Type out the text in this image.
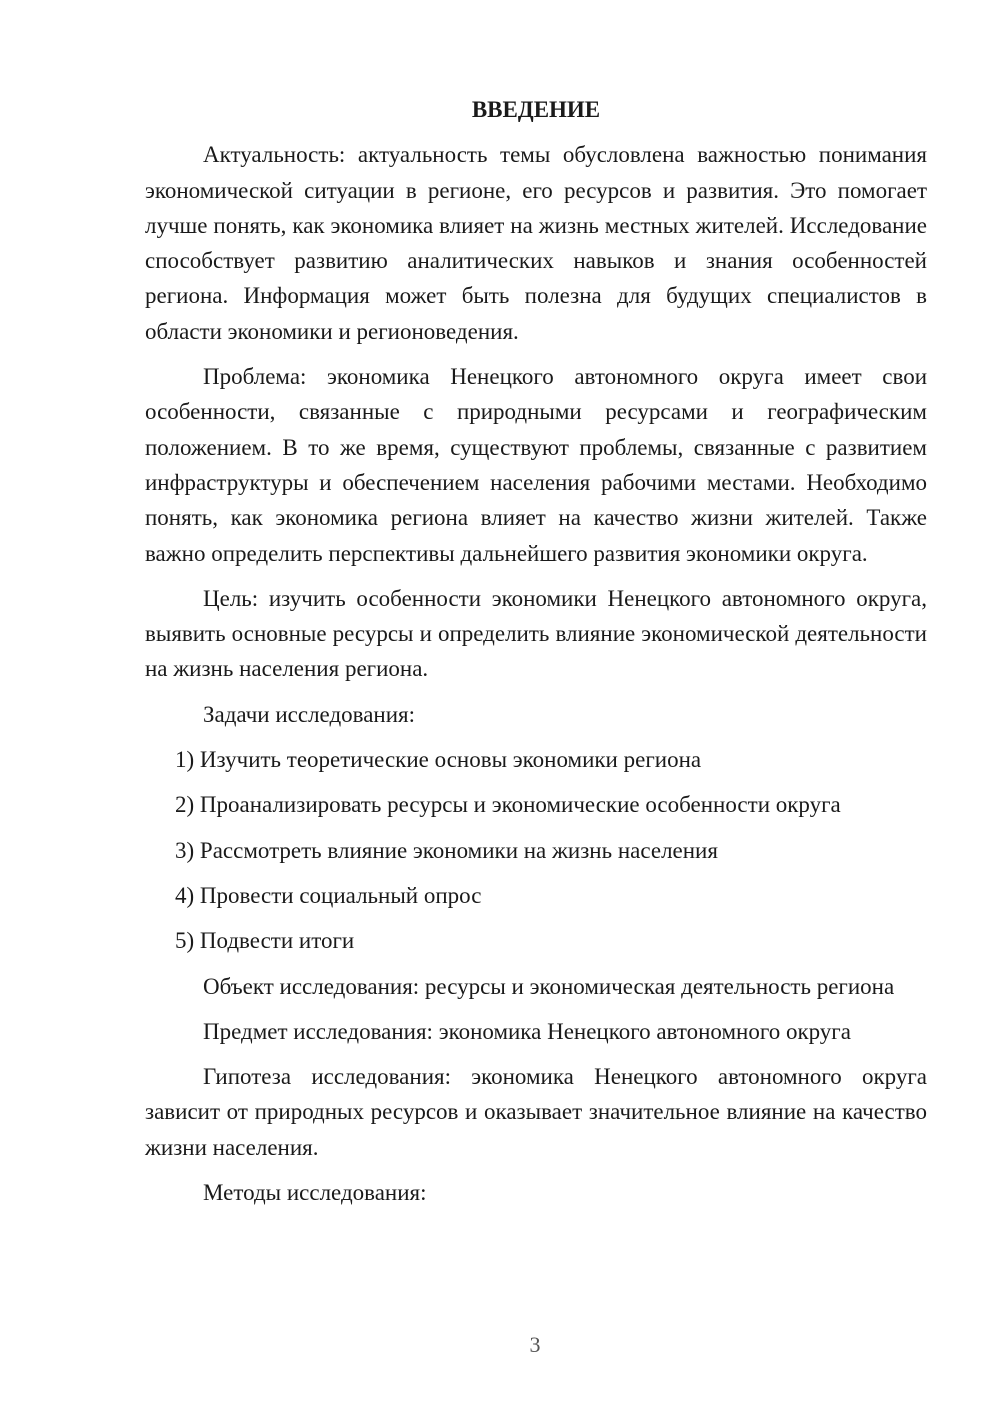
ВВЕДЕНИЕ

Актуальность: актуальность темы обусловлена важностью понимания экономической ситуации в регионе, его ресурсов и развития. Это помогает лучше понять, как экономика влияет на жизнь местных жителей. Исследование способствует развитию аналитических навыков и знания особенностей региона. Информация может быть полезна для будущих специалистов в области экономики и регионоведения.

Проблема: экономика Ненецкого автономного округа имеет свои особенности, связанные с природными ресурсами и географическим положением. В то же время, существуют проблемы, связанные с развитием инфраструктуры и обеспечением населения рабочими местами. Необходимо понять, как экономика региона влияет на качество жизни жителей. Также важно определить перспективы дальнейшего развития экономики округа.

Цель: изучить особенности экономики Ненецкого автономного округа, выявить основные ресурсы и определить влияние экономической деятельности на жизнь населения региона.

Задачи исследования:

1) Изучить теоретические основы экономики региона
2) Проанализировать ресурсы и экономические особенности округа
3) Рассмотреть влияние экономики на жизнь населения
4) Провести социальный опрос
5) Подвести итоги

Объект исследования: ресурсы и экономическая деятельность региона

Предмет исследования: экономика Ненецкого автономного округа

Гипотеза исследования: экономика Ненецкого автономного округа зависит от природных ресурсов и оказывает значительное влияние на качество жизни населения.

Методы исследования:

3
